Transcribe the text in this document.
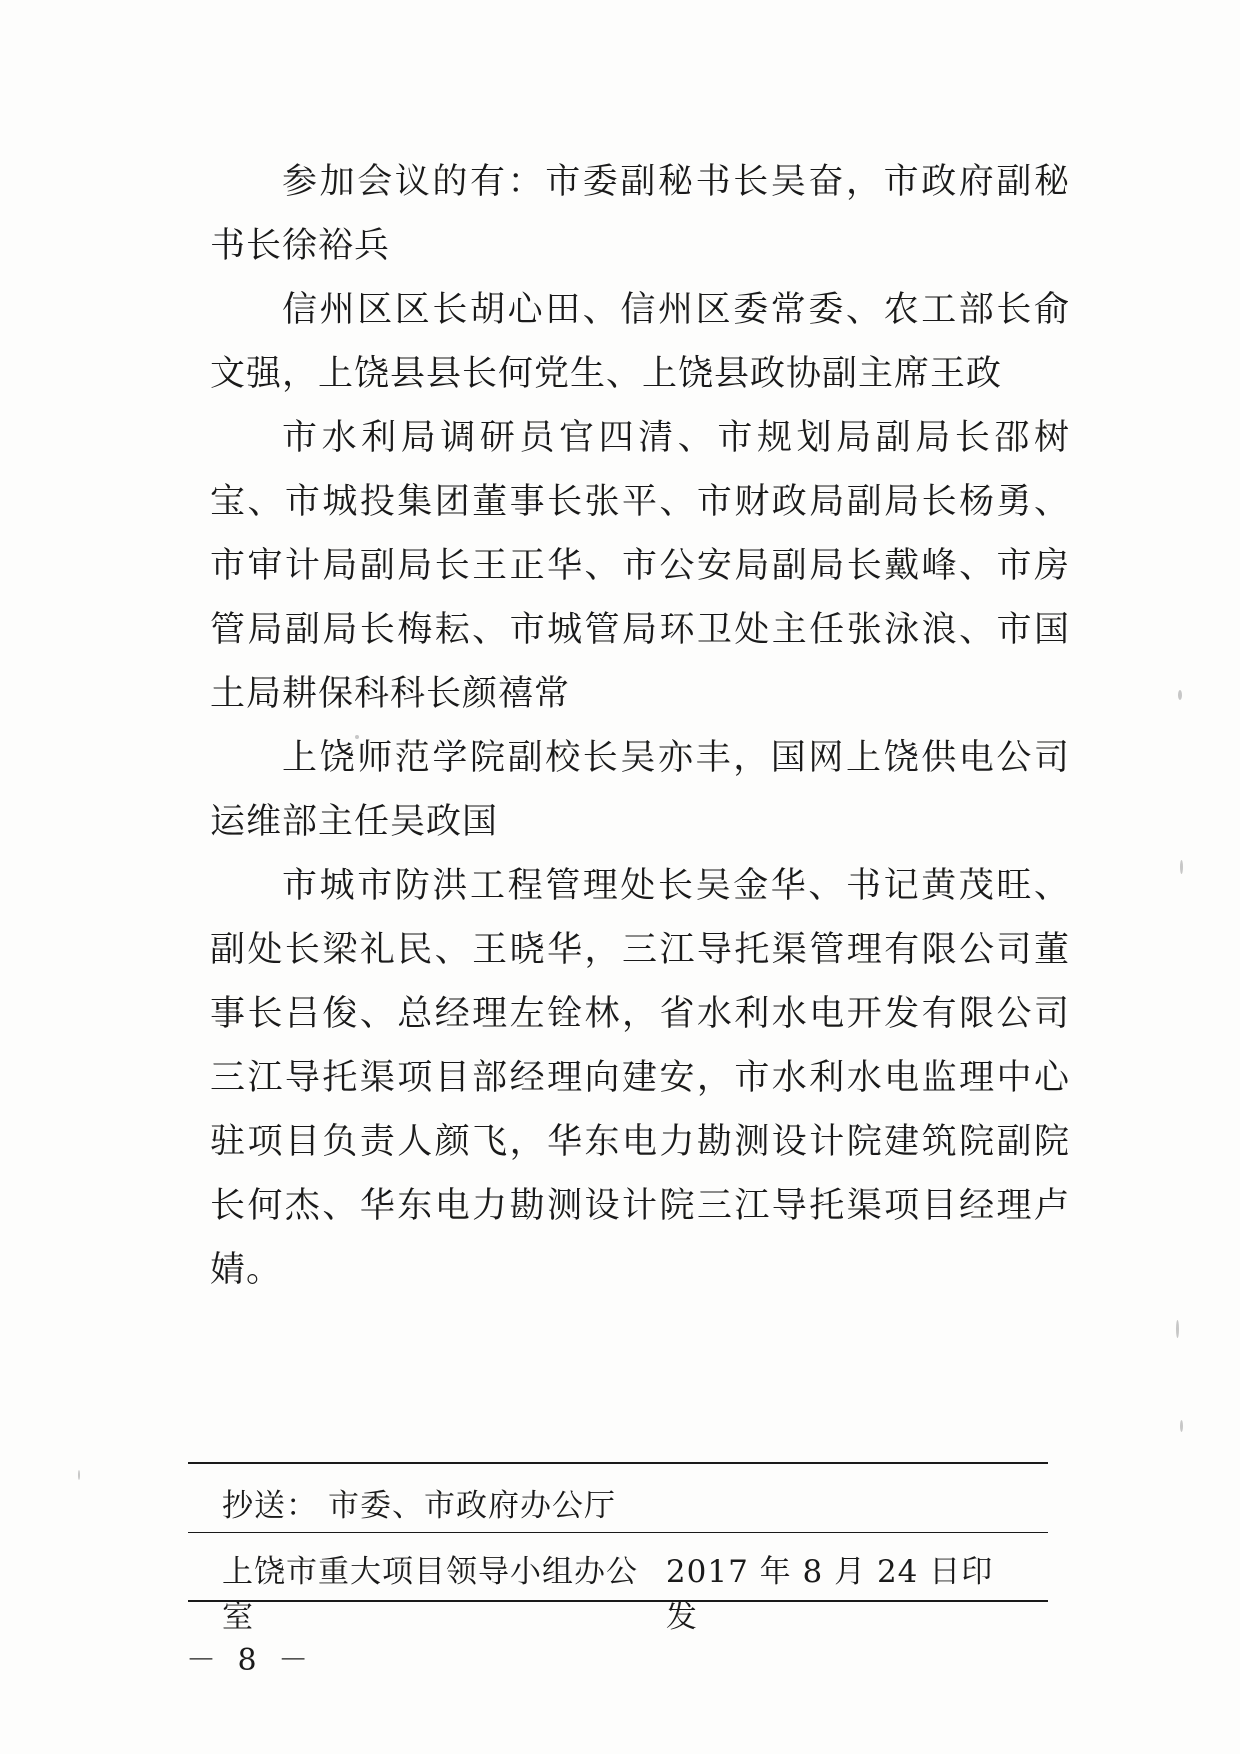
参加会议的有：市委副秘书长吴奋，市政府副秘书长徐裕兵

信州区区长胡心田、信州区委常委、农工部长俞文强，上饶县县长何党生、上饶县政协副主席王政

市水利局调研员官四清、市规划局副局长邵树宝、市城投集团董事长张平、市财政局副局长杨勇、市审计局副局长王正华、市公安局副局长戴峰、市房管局副局长梅耘、市城管局环卫处主任张泳浪、市国土局耕保科科长颜禧常

上饶师范学院副校长吴亦丰，国网上饶供电公司运维部主任吴政国

市城市防洪工程管理处长吴金华、书记黄茂旺、副处长梁礼民、王晓华，三江导托渠管理有限公司董事长吕俊、总经理左铨林，省水利水电开发有限公司三江导托渠项目部经理向建安，市水利水电监理中心驻项目负责人颜飞，华东电力勘测设计院建筑院副院长何杰、华东电力勘测设计院三江导托渠项目经理卢婧。

抄送： 市委、市政府办公厅
上饶市重大项目领导小组办公室
2017 年 8 月 24 日印发
－ 8 －
